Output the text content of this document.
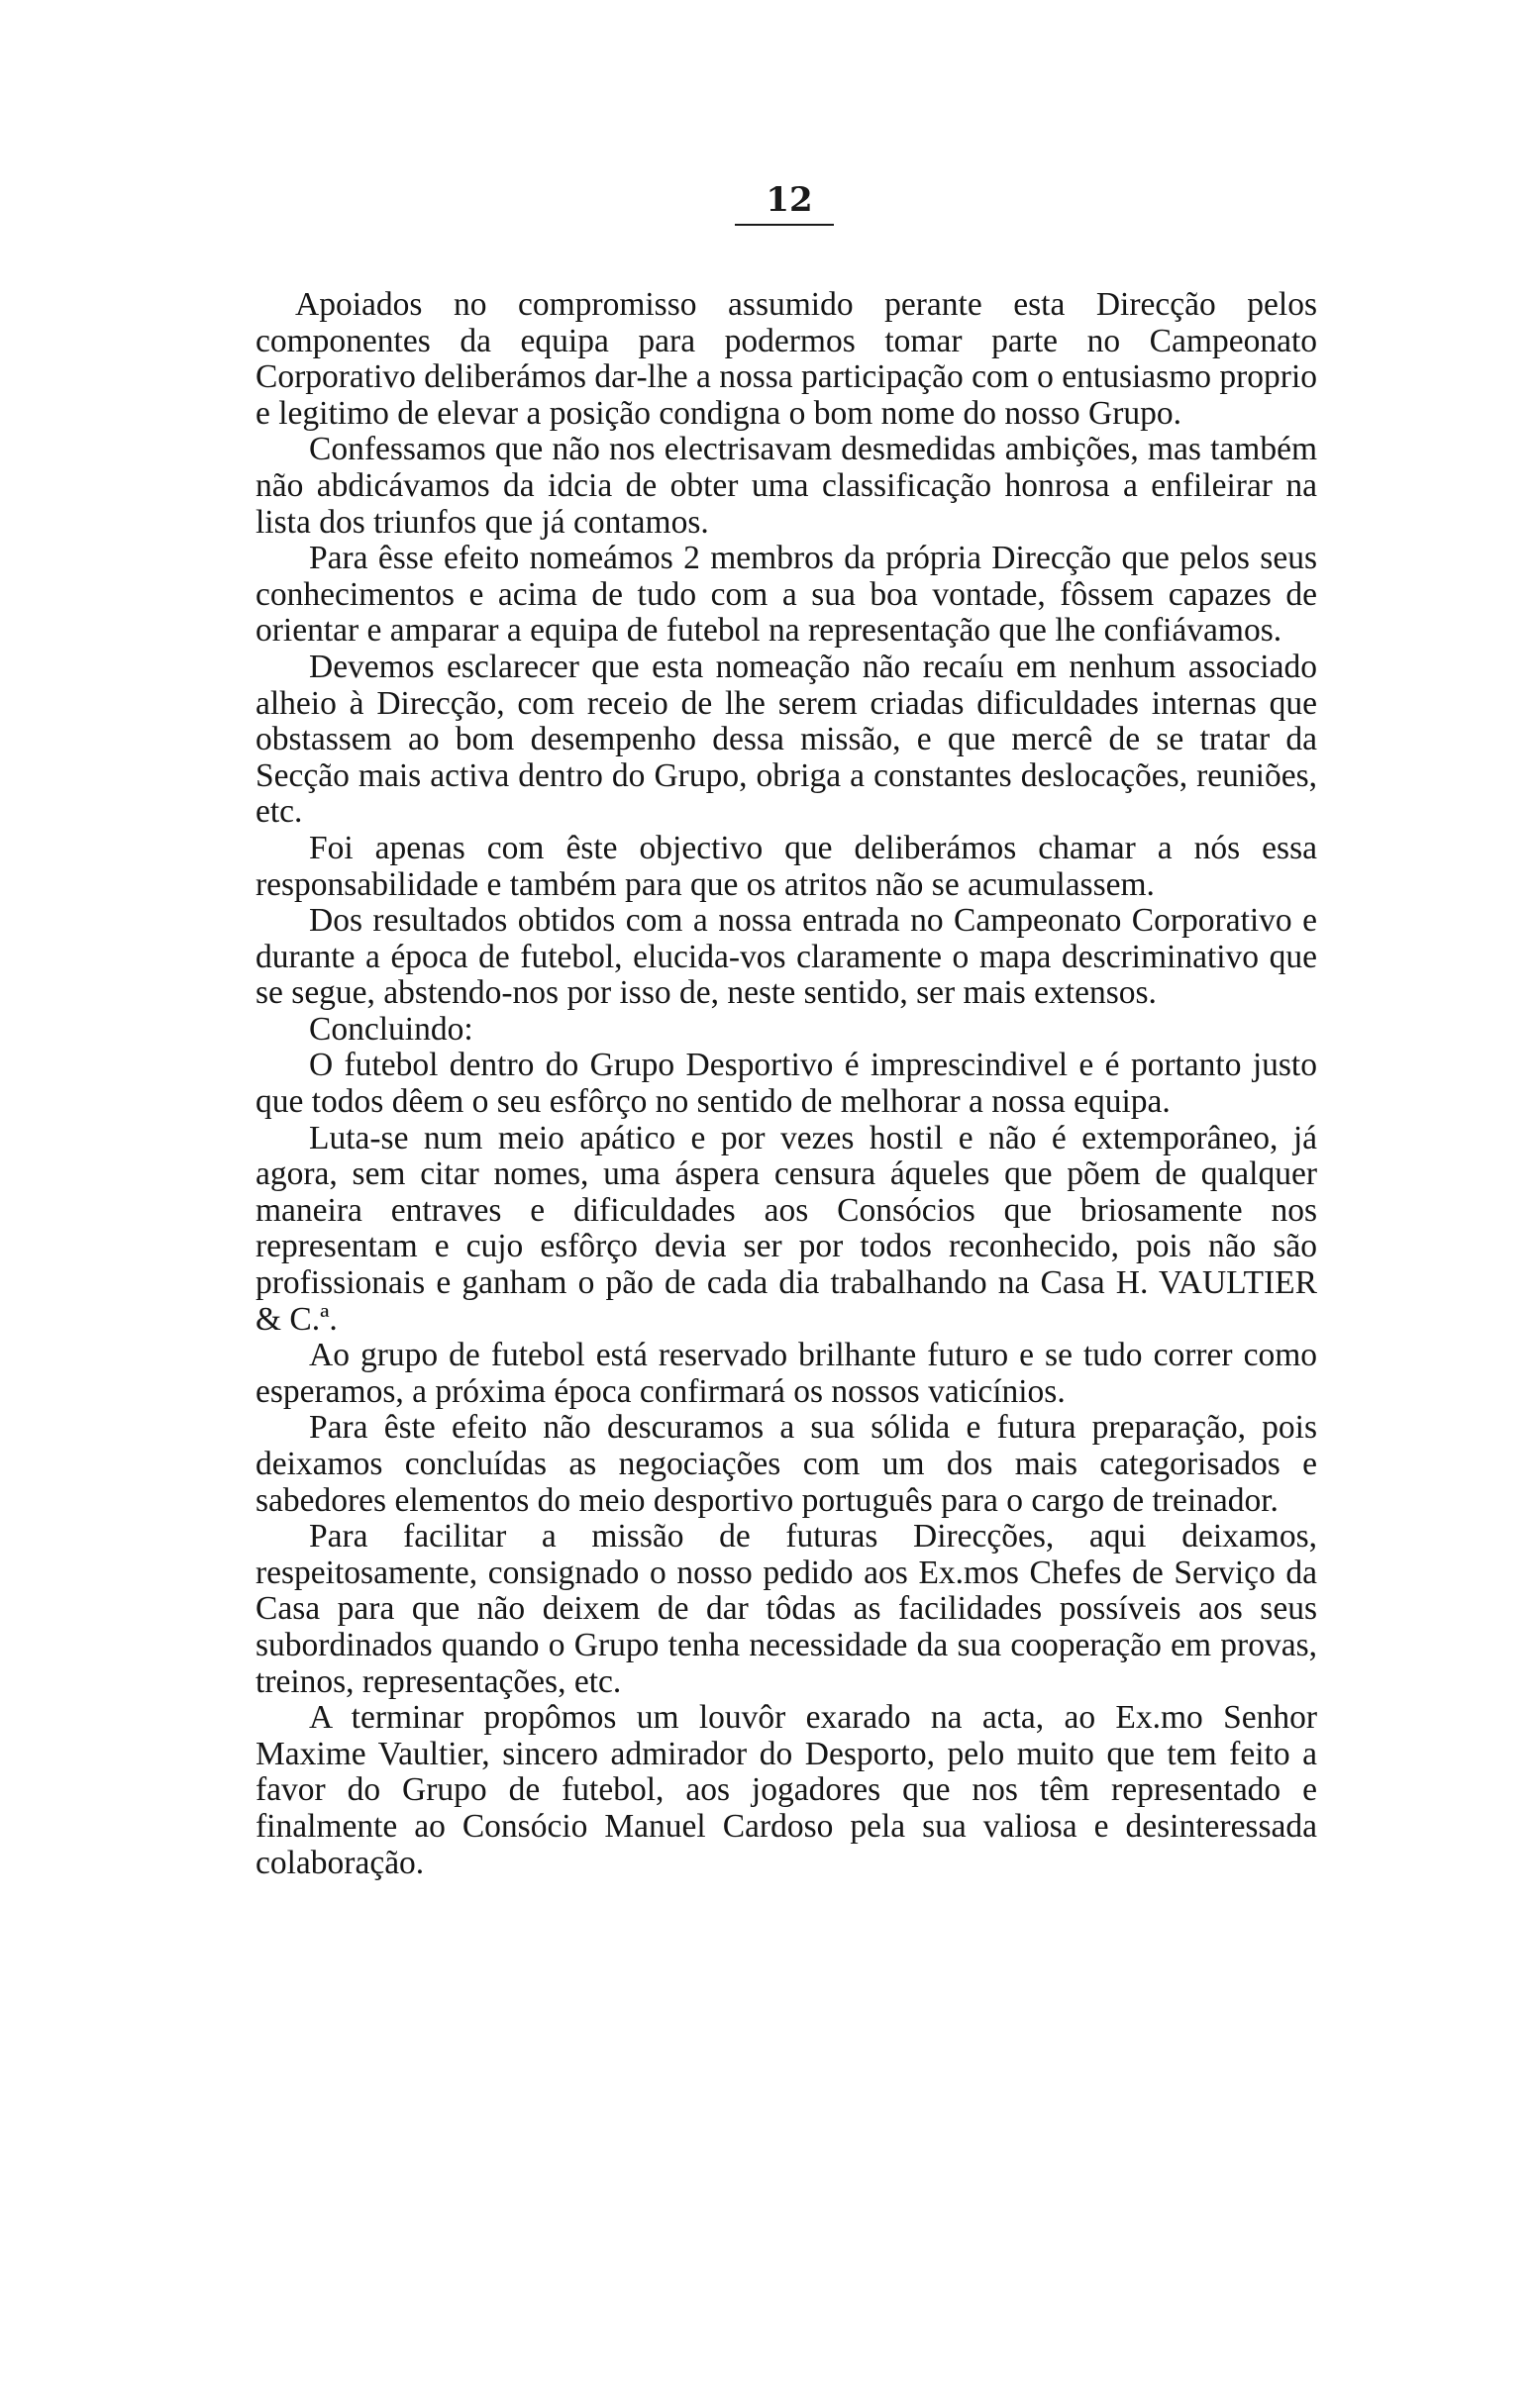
12

Apoiados no compromisso assumido perante esta Direcção pelos componentes da equipa para podermos tomar parte no Campeonato Corporativo deliberámos dar-lhe a nossa participação com o entusiasmo proprio e legitimo de elevar a posição condigna o bom nome do nosso Grupo.

Confessamos que não nos electrisavam desmedidas ambições, mas também não abdicávamos da idcia de obter uma classificação honrosa a enfileirar na lista dos triunfos que já contamos.

Para êsse efeito nomeámos 2 membros da própria Direcção que pelos seus conhecimentos e acima de tudo com a sua boa vontade, fôssem capazes de orientar e amparar a equipa de futebol na representação que lhe confiávamos.

Devemos esclarecer que esta nomeação não recaíu em nenhum associado alheio à Direcção, com receio de lhe serem criadas dificuldades internas que obstassem ao bom desempenho dessa missão, e que mercê de se tratar da Secção mais activa dentro do Grupo, obriga a constantes deslocações, reuniões, etc.

Foi apenas com êste objectivo que deliberámos chamar a nós essa responsabilidade e também para que os atritos não se acumulassem.

Dos resultados obtidos com a nossa entrada no Campeonato Corporativo e durante a época de futebol, elucida-vos claramente o mapa descriminativo que se segue, abstendo-nos por isso de, neste sentido, ser mais extensos.

Concluindo:

O futebol dentro do Grupo Desportivo é imprescindivel e é portanto justo que todos dêem o seu esfôrço no sentido de melhorar a nossa equipa.

Luta-se num meio apático e por vezes hostil e não é extemporâneo, já agora, sem citar nomes, uma áspera censura áqueles que põem de qualquer maneira entraves e dificuldades aos Consócios que briosamente nos representam e cujo esfôrço devia ser por todos reconhecido, pois não são profissionais e ganham o pão de cada dia trabalhando na Casa H. VAULTIER & C.ª.

Ao grupo de futebol está reservado brilhante futuro e se tudo correr como esperamos, a próxima época confirmará os nossos vaticínios.

Para êste efeito não descuramos a sua sólida e futura preparação, pois deixamos concluídas as negociações com um dos mais categorisados e sabedores elementos do meio desportivo português para o cargo de treinador.

Para facilitar a missão de futuras Direcções, aqui deixamos, respeitosamente, consignado o nosso pedido aos Ex.mos Chefes de Serviço da Casa para que não deixem de dar tôdas as facilidades possíveis aos seus subordinados quando o Grupo tenha necessidade da sua cooperação em provas, treinos, representações, etc.

A terminar propômos um louvôr exarado na acta, ao Ex.mo Senhor Maxime Vaultier, sincero admirador do Desporto, pelo muito que tem feito a favor do Grupo de futebol, aos jogadores que nos têm representado e finalmente ao Consócio Manuel Cardoso pela sua valiosa e desinteressada colaboração.
